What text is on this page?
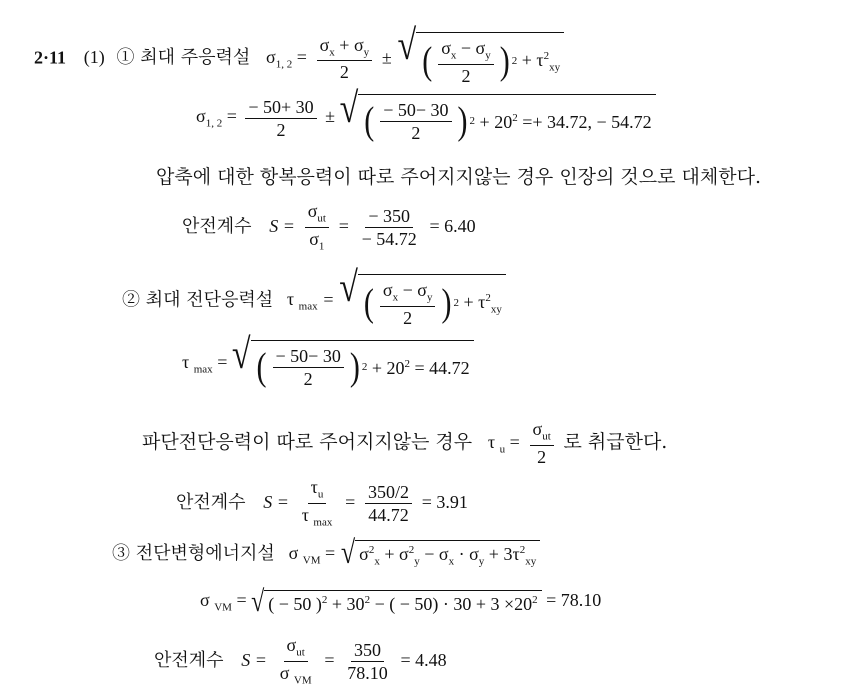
2·11 (1) ① 최대 주응력설 $\sigma_{1, 2} = \frac{\sigma_x + \sigma_y}{2}$ ± √ ( $\frac{\sigma_x - \sigma_y}{2}$ ) 2
+ $\tau^2_{xy}$
$\sigma_{1, 2} = \frac{- 50+ 30}{2}$ ± √ ( $\frac{- 50- 30}{2}$ ) 2
+ $20^2 =+ 34.72$, − 54.72
압축에 대한 항복응력이 따로 주어지지않는 경우 인장의 것으로 대체한다.
안전계수 $S = \frac{\sigma_{ut}}{\sigma_1} = \frac{- 350}{- 54.72} = 6.40$
② 최대 전단응력설 τ $_{max}$ = √ ( $\frac{\sigma_x - \sigma_y}{2}$ ) 2
+ $\tau^2_{xy}$
τ $_{max}$ = √ ( $\frac{- 50- 30}{2}$ ) 2
+ $20^2 = 44.72$
파단전단응력이 따로 주어지지않는 경우 τ $_u = \frac{\sigma_{ut}}{2}$ 로 취급한다.
안전계수 $S = \frac{\tau_u}{\tau _{max}} = \frac{350/2}{44.72} = 3.91$
③ 전단변형에너지설 σ $_{VM}$ = √ $\sigma^2_x + \sigma^2_y - \sigma_x \cdot \sigma_y + 3\tau^2_{xy}$
σ $_{VM}$ = √ ( − 50 )$^2 + 30^2$ − ( − $50) \cdot 30 + 3 \times 20^2 = 78.10$
안전계수 $S = \frac{\sigma_{ut}}{\sigma _{VM}} = \frac{350}{78.10} = 4.48$
